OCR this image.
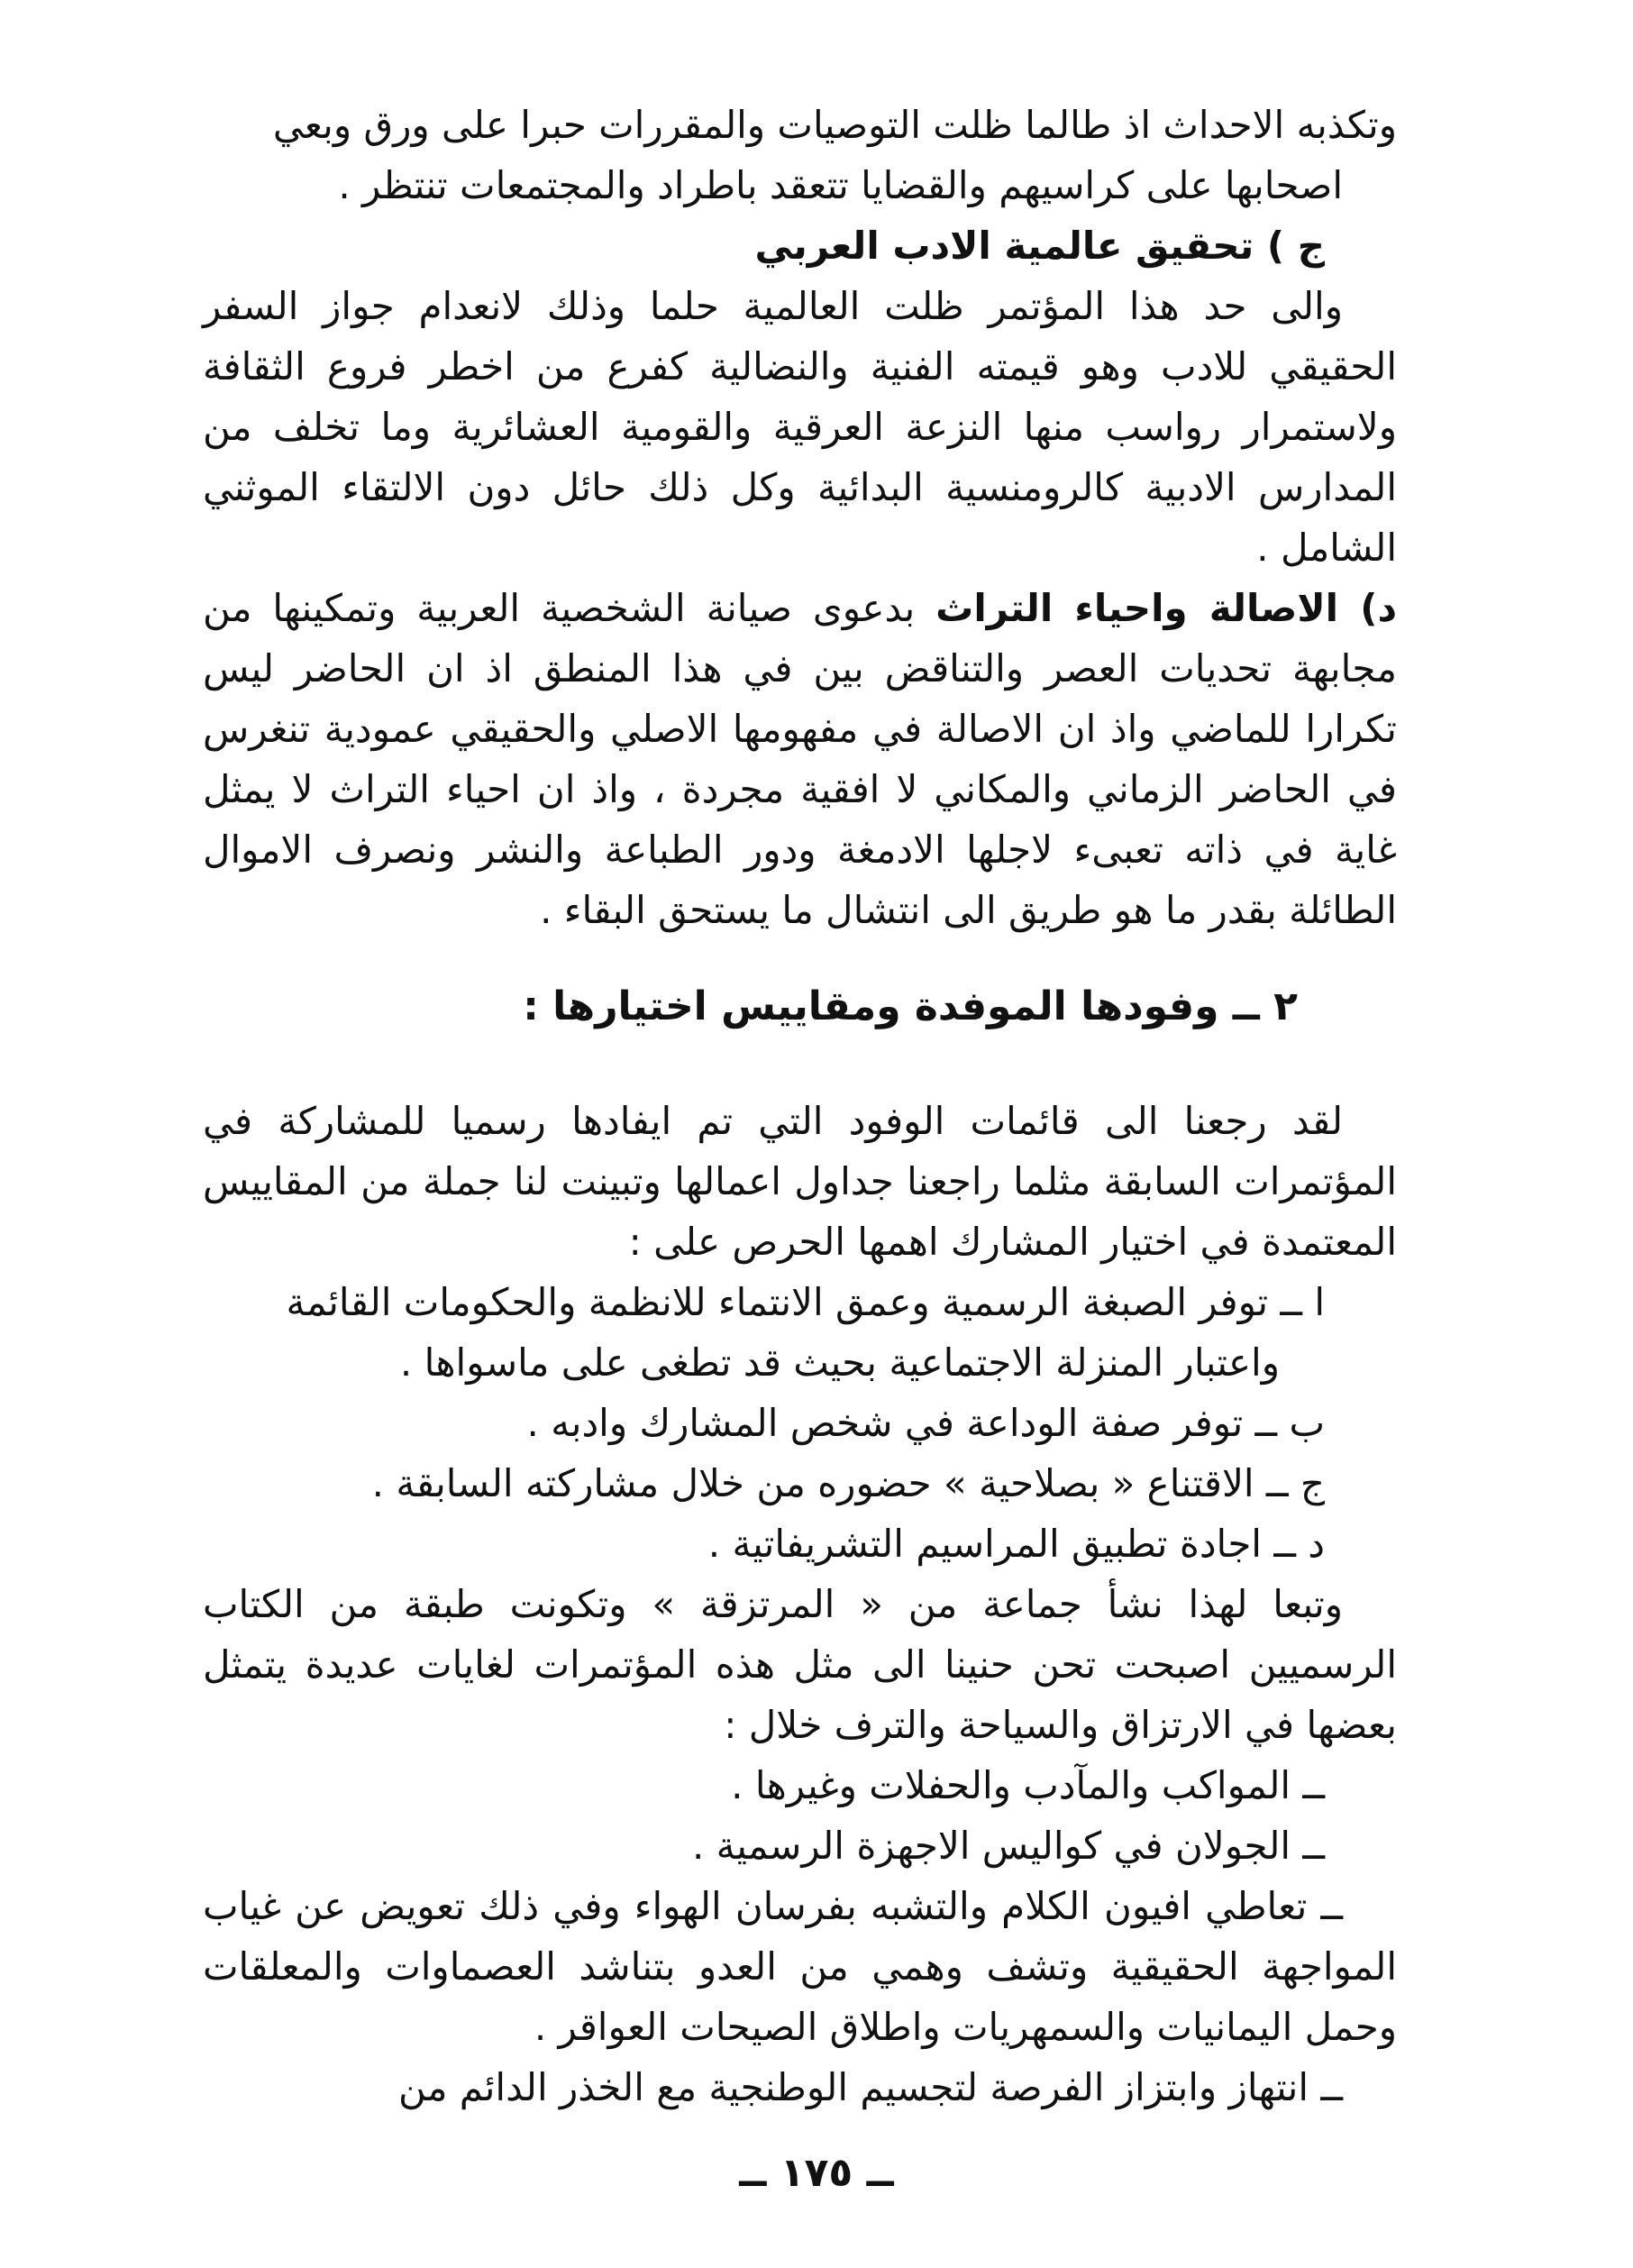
وتكذبه الاحداث اذ طالما ظلت التوصيات والمقررات حبرا على ورق وبعي

اصحابها على كراسيهم والقضايا تتعقد باطراد والمجتمعات تنتظر .

ج ) تحقيق عالمية الادب العربي

والى حد هذا المؤتمر ظلت العالمية حلما وذلك لانعدام جواز السفر الحقيقي للادب وهو قيمته الفنية والنضالية كفرع من اخطر فروع الثقافة ولاستمرار رواسب منها النزعة العرقية والقومية العشائرية وما تخلف من المدارس الادبية كالرومنسية البدائية وكل ذلك حائل دون الالتقاء الموثني الشامل .

د) الاصالة واحياء التراث بدعوى صيانة الشخصية العربية وتمكينها من مجابهة تحديات العصر والتناقض بين في هذا المنطق اذ ان الحاضر ليس تكرارا للماضي واذ ان الاصالة في مفهومها الاصلي والحقيقي عمودية تنغرس في الحاضر الزماني والمكاني لا افقية مجردة ، واذ ان احياء التراث لا يمثل غاية في ذاته تعبىء لاجلها الادمغة ودور الطباعة والنشر ونصرف الاموال الطائلة بقدر ما هو طريق الى انتشال ما يستحق البقاء .

٢ ــ وفودها الموفدة ومقاييس اختيارها :

لقد رجعنا الى قائمات الوفود التي تم ايفادها رسميا للمشاركة في المؤتمرات السابقة مثلما راجعنا جداول اعمالها وتبينت لنا جملة من المقاييس المعتمدة في اختيار المشارك اهمها الحرص على :

ا ــ توفر الصبغة الرسمية وعمق الانتماء للانظمة والحكومات القائمة

واعتبار المنزلة الاجتماعية بحيث قد تطغى على ماسواها .

ب ــ توفر صفة الوداعة في شخص المشارك وادبه .

ج ــ الاقتناع « بصلاحية » حضوره من خلال مشاركته السابقة .

د ــ اجادة تطبيق المراسيم التشريفاتية .

وتبعا لهذا نشأ جماعة من « المرتزقة » وتكونت طبقة من الكتاب الرسميين اصبحت تحن حنينا الى مثل هذه المؤتمرات لغايات عديدة يتمثل بعضها في الارتزاق والسياحة والترف خلال :

ــ المواكب والمآدب والحفلات وغيرها .

ــ الجولان في كواليس الاجهزة الرسمية .

ــ تعاطي افيون الكلام والتشبه بفرسان الهواء وفي ذلك تعويض عن غياب المواجهة الحقيقية وتشف وهمي من العدو بتناشد العصماوات والمعلقات وحمل اليمانيات والسمهريات واطلاق الصيحات العواقر .

ــ انتهاز وابتزاز الفرصة لتجسيم الوطنجية مع الخذر الدائم من

ــ ١٧٥ ــ
